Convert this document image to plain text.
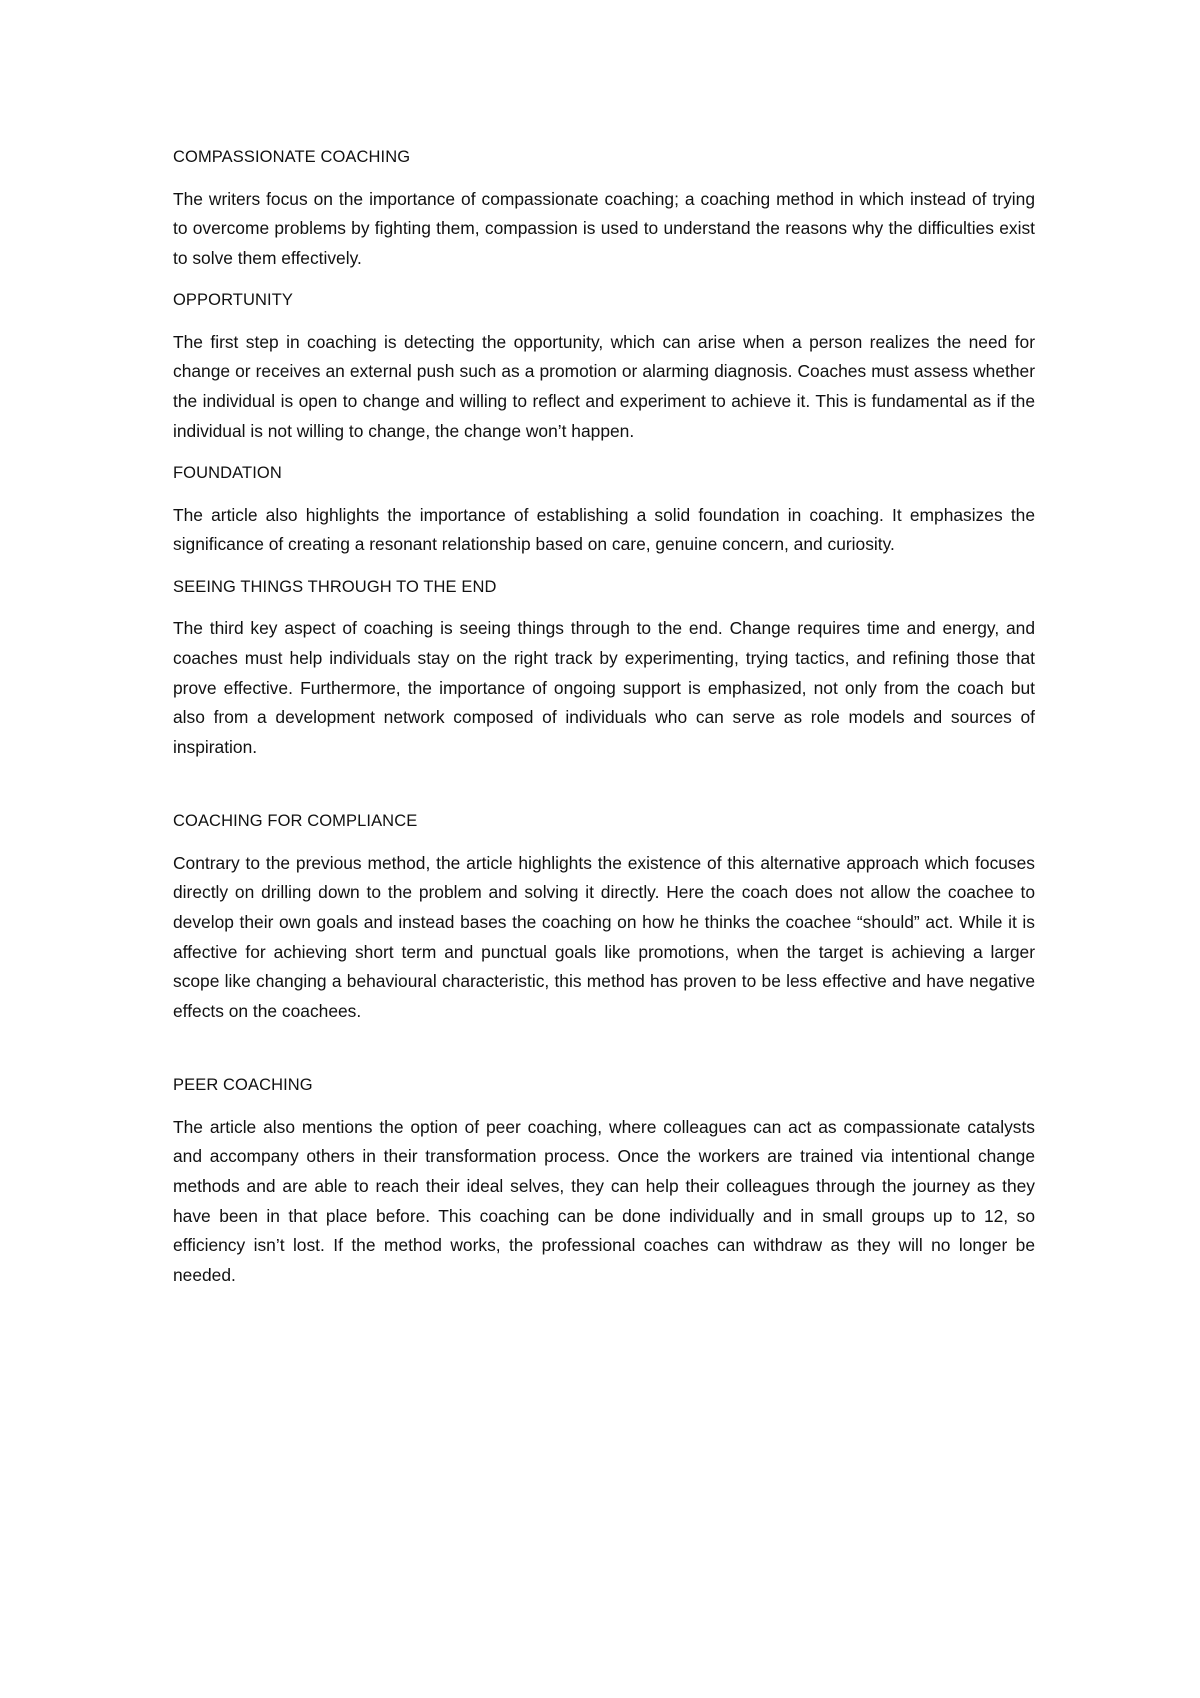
COMPASSIONATE COACHING

The writers focus on the importance of compassionate coaching; a coaching method in which instead of trying to overcome problems by fighting them, compassion is used to understand the reasons why the difficulties exist to solve them effectively.

OPPORTUNITY

The first step in coaching is detecting the opportunity, which can arise when a person realizes the need for change or receives an external push such as a promotion or alarming diagnosis. Coaches must assess whether the individual is open to change and willing to reflect and experiment to achieve it. This is fundamental as if the individual is not willing to change, the change won’t happen.

FOUNDATION

The article also highlights the importance of establishing a solid foundation in coaching. It emphasizes the significance of creating a resonant relationship based on care, genuine concern, and curiosity.

SEEING THINGS THROUGH TO THE END

The third key aspect of coaching is seeing things through to the end. Change requires time and energy, and coaches must help individuals stay on the right track by experimenting, trying tactics, and refining those that prove effective. Furthermore, the importance of ongoing support is emphasized, not only from the coach but also from a development network composed of individuals who can serve as role models and sources of inspiration.

COACHING FOR COMPLIANCE

Contrary to the previous method, the article highlights the existence of this alternative approach which focuses directly on drilling down to the problem and solving it directly. Here the coach does not allow the coachee to develop their own goals and instead bases the coaching on how he thinks the coachee “should” act. While it is affective for achieving short term and punctual goals like promotions, when the target is achieving a larger scope like changing a behavioural characteristic, this method has proven to be less effective and have negative effects on the coachees.

PEER COACHING

The article also mentions the option of peer coaching, where colleagues can act as compassionate catalysts and accompany others in their transformation process. Once the workers are trained via intentional change methods and are able to reach their ideal selves, they can help their colleagues through the journey as they have been in that place before. This coaching can be done individually and in small groups up to 12, so efficiency isn’t lost. If the method works, the professional coaches can withdraw as they will no longer be needed.
